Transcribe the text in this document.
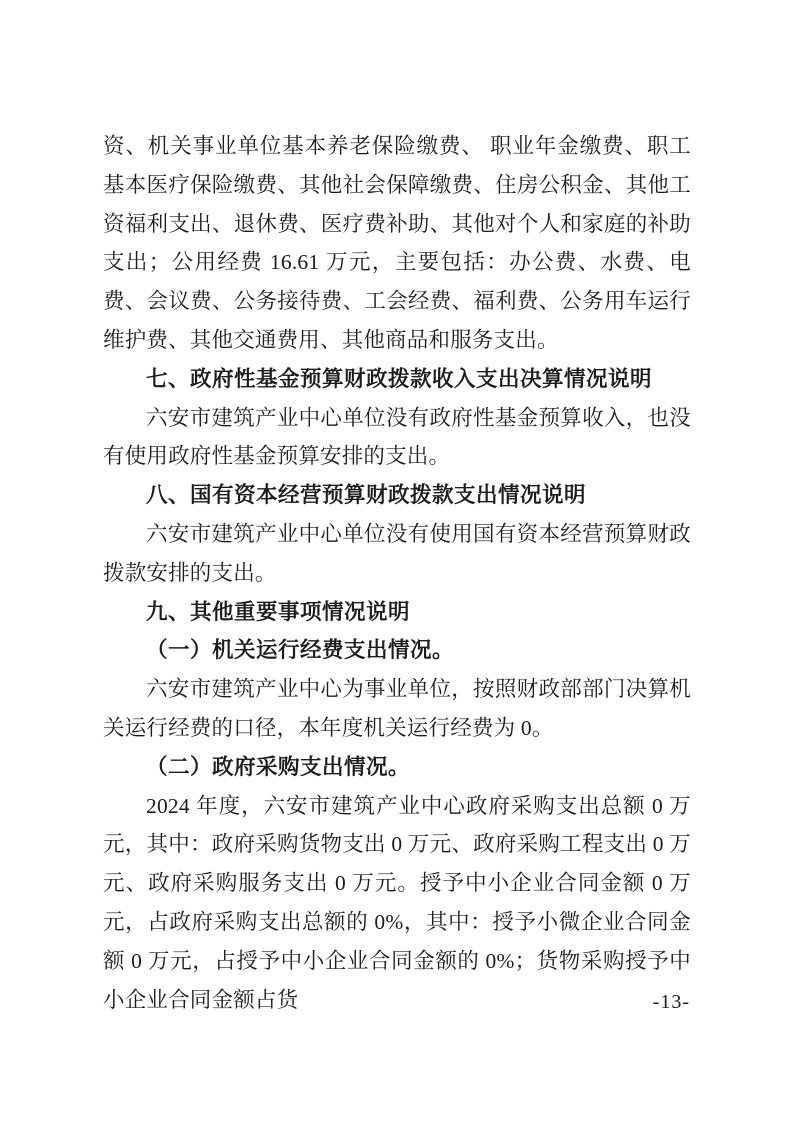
资、机关事业单位基本养老保险缴费、 职业年金缴费、职工基本医疗保险缴费、其他社会保障缴费、住房公积金、其他工资福利支出、退休费、医疗费补助、其他对个人和家庭的补助支出；公用经费 16.61 万元，主要包括：办公费、水费、电费、会议费、公务接待费、工会经费、福利费、公务用车运行维护费、其他交通费用、其他商品和服务支出。

七、政府性基金预算财政拨款收入支出决算情况说明

六安市建筑产业中心单位没有政府性基金预算收入，也没有使用政府性基金预算安排的支出。

八、国有资本经营预算财政拨款支出情况说明

六安市建筑产业中心单位没有使用国有资本经营预算财政拨款安排的支出。

九、其他重要事项情况说明

（一）机关运行经费支出情况。

六安市建筑产业中心为事业单位，按照财政部部门决算机关运行经费的口径，本年度机关运行经费为 0。

（二）政府采购支出情况。

2024 年度，六安市建筑产业中心政府采购支出总额 0 万元，其中：政府采购货物支出 0 万元、政府采购工程支出 0 万元、政府采购服务支出 0 万元。授予中小企业合同金额 0 万元，占政府采购支出总额的 0%，其中：授予小微企业合同金额 0 万元，占授予中小企业合同金额的 0%；货物采购授予中小企业合同金额占货	-13-
